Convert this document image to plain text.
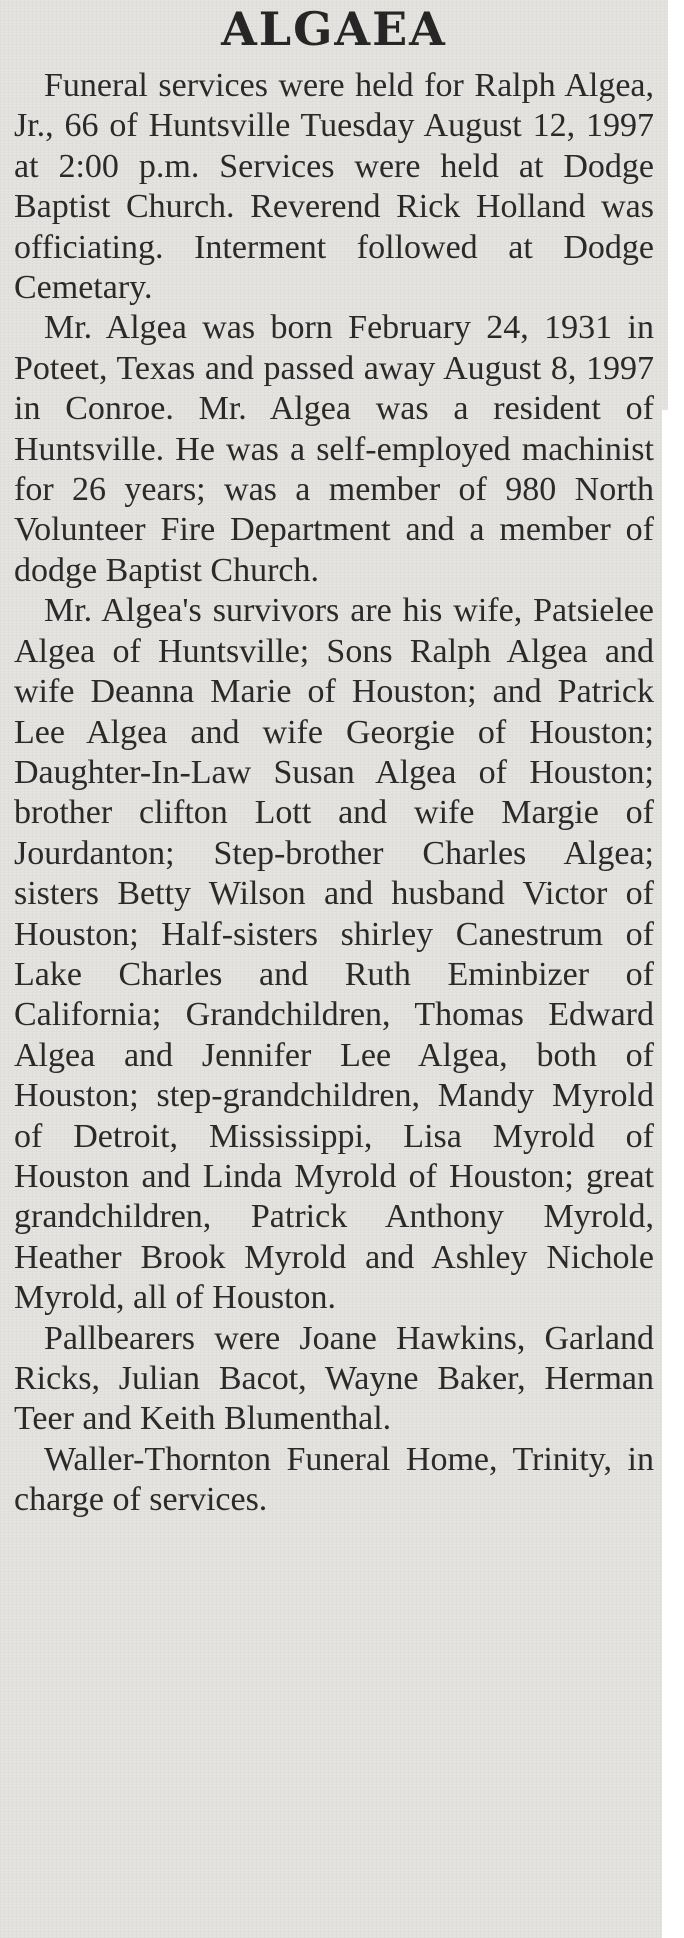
ALGAEA

Funeral services were held for Ralph Algea, Jr., 66 of Huntsville Tuesday August 12, 1997 at 2:00 p.m. Services were held at Dodge Baptist Church. Reverend Rick Holland was officiating. Interment followed at Dodge Cemetary.

Mr. Algea was born February 24, 1931 in Poteet, Texas and passed away August 8, 1997 in Conroe. Mr. Algea was a resident of Huntsville. He was a self-employed machinist for 26 years; was a member of 980 North Volunteer Fire Department and a member of dodge Baptist Church.

Mr. Algea's survivors are his wife, Patsielee Algea of Huntsville; Sons Ralph Algea and wife Deanna Marie of Houston; and Patrick Lee Algea and wife Georgie of Houston; Daughter-In-Law Susan Algea of Houston; brother clifton Lott and wife Margie of Jourdanton; Step-brother Charles Algea; sisters Betty Wilson and husband Victor of Houston; Half-sisters shirley Canestrum of Lake Charles and Ruth Eminbizer of California; Grandchildren, Thomas Edward Algea and Jennifer Lee Algea, both of Houston; step-grandchildren, Mandy Myrold of Detroit, Mississippi, Lisa Myrold of Houston and Linda Myrold of Houston; great grandchildren, Patrick Anthony Myrold, Heather Brook Myrold and Ashley Nichole Myrold, all of Houston.

Pallbearers were Joane Hawkins, Garland Ricks, Julian Bacot, Wayne Baker, Herman Teer and Keith Blumenthal.

Waller-Thornton Funeral Home, Trinity, in charge of services.
